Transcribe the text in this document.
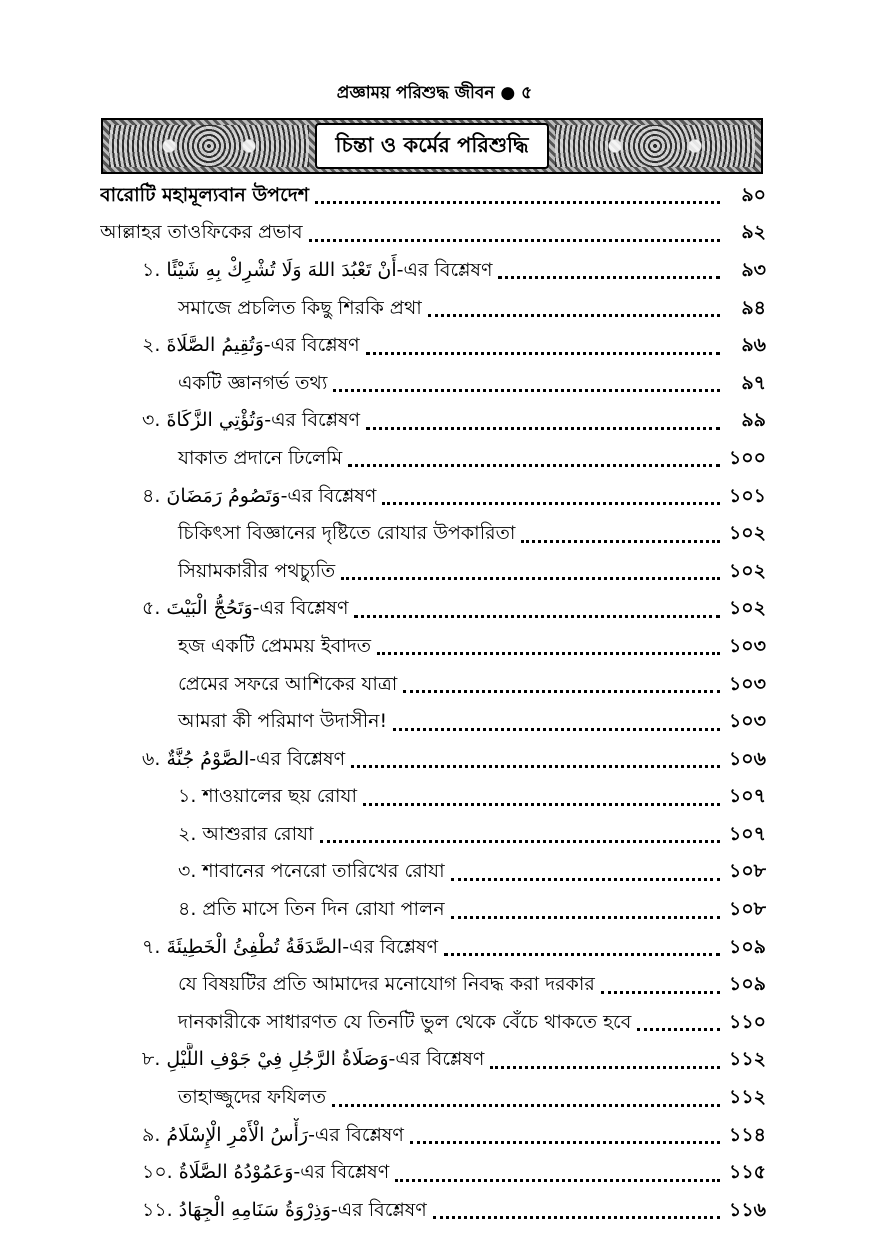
প্রজ্ঞাময় পরিশুদ্ধ জীবন ● ৫
চিন্তা ও কর্মের পরিশুদ্ধি
বারোটি মহামূল্যবান উপদেশ	৯০
আল্লাহর তাওফিকের প্রভাব	৯২
১. أَنْ تَعْبُدَ اللهَ وَلَا تُشْرِكْ بِهِ شَيْئًا-এর বিশ্লেষণ	৯৩
সমাজে প্রচলিত কিছু শিরকি প্রথা	৯৪
২. وَتُقِيمُ الصَّلَاةَ-এর বিশ্লেষণ	৯৬
একটি জ্ঞানগর্ভ তথ্য	৯৭
৩. وَتُؤْتِي الزَّكَاةَ-এর বিশ্লেষণ	৯৯
যাকাত প্রদানে ঢিলেমি	১০০
৪. وَتَصُومُ رَمَضَانَ-এর বিশ্লেষণ	১০১
চিকিৎসা বিজ্ঞানের দৃষ্টিতে রোযার উপকারিতা	১০২
সিয়ামকারীর পথচ্যুতি	১০২
৫. وَتَحُجُّ الْبَيْتَ-এর বিশ্লেষণ	১০২
হজ একটি প্রেমময় ইবাদত	১০৩
প্রেমের সফরে আশিকের যাত্রা	১০৩
আমরা কী পরিমাণ উদাসীন!	১০৩
৬. الصَّوْمُ جُنَّةٌ-এর বিশ্লেষণ	১০৬
১. শাওয়ালের ছয় রোযা	১০৭
২. আশুরার রোযা	১০৭
৩. শাবানের পনেরো তারিখের রোযা	১০৮
৪. প্রতি মাসে তিন দিন রোযা পালন	১০৮
৭. الصَّدَقَةُ تُطْفِئُ الْخَطِيئَةَ-এর বিশ্লেষণ	১০৯
যে বিষয়টির প্রতি আমাদের মনোযোগ নিবদ্ধ করা দরকার	১০৯
দানকারীকে সাধারণত যে তিনটি ভুল থেকে বেঁচে থাকতে হবে	১১০
৮. وَصَلَاةُ الرَّجُلِ فِيْ جَوْفِ اللَّيْلِ-এর বিশ্লেষণ	১১২
তাহাজ্জুদের ফযিলত	১১২
৯. رَأْسُ الْأَمْرِ الْإِسْلَامُ-এর বিশ্লেষণ	১১৪
১০. وَعَمُوْدُهُ الصَّلَاةُ-এর বিশ্লেষণ	১১৫
১১. وَذِرْوَةُ سَنَامِهِ الْجِهَادُ-এর বিশ্লেষণ	১১৬
